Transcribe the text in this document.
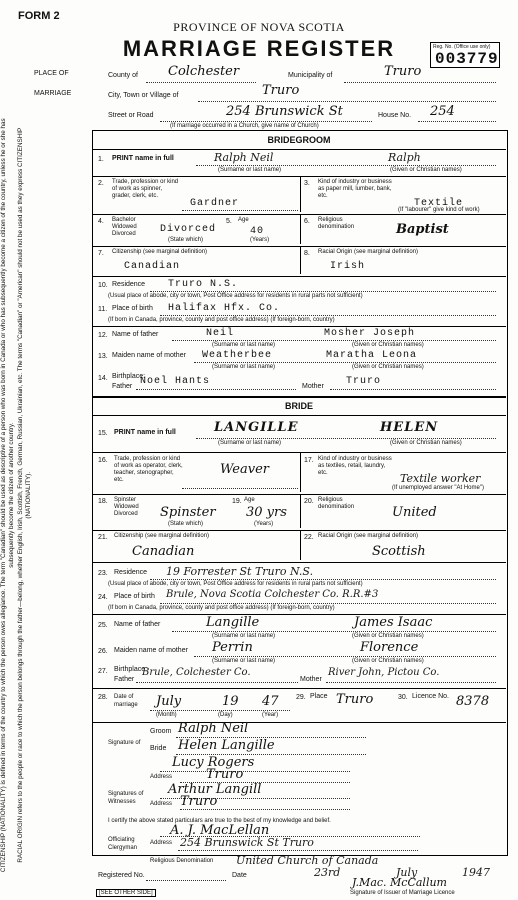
FORM 2
PROVINCE OF NOVA SCOTIA
MARRIAGE REGISTER	Reg. No. (Office use only)
003779

CITIZENSHIP (NATIONALITY) is defined in terms of the country to which the person owes allegiance. The term "Canadian" should be used as descriptive of a person who was born in Canada or who has subsequently become a citizen of the country, unless he or she has subsequently become the citizen of another country. RACIAL ORIGIN refers to the people or race to which the person belongs through the father—belong, whether English, Irish, Scottish, French, German, Russian, Ukrainian, etc. The terms "Canadian" or "American" should not be used as they express CITIZENSHIP (NATIONALITY).

PLACE OF
MARRIAGE
County of Colchester	Municipality of	Truro
City, Town or Village of	Truro
Street or Road	254 Brunswick St	House No. 254
(If marriage occurred in a Church, give name of Church)
BRIDEGROOM
1. PRINT name in full	Ralph Neil	Ralph
(Surname or last name)	(Given or Christian names)
2. Trade, profession or kind of work as spinner, grader, clerk, etc.
Gardner
3. Kind of industry or business as paper mill, lumber, bank, etc.
Textile
(If "labourer" give kind of work)
4. Bachelor Widowed Divorced	Divorced
(State which)
5. Age
40
(Years)
6. Religious denomination	Baptist
7. Citizenship (see marginal definition)
Canadian
8. Racial Origin (see marginal definition)
Irish
10. Residence Truro N.S.
(Usual place of abode, city or town, Post Office address for residents in rural parts not sufficient)
11. Place of birth Halifax Hfx. Co.
(If born in Canada, province, county and post office address) (If foreign-born, country)
12. Name of father	Neil	Mosher Joseph
(Surname or last name)	(Given or Christian names)
13. Maiden name of mother Weatherbee	Maratha Leona
(Surname or last name)	(Given or Christian names)
14. Birthplace:
Father Noel Hants	Mother Truro
BRIDE
15. PRINT name in full	LANGILLE	HELEN
(Surname or last name)	(Given or Christian names)
16. Trade, profession or kind of work as operator, clerk, teacher, stenographer, etc.
Weaver
17. Kind of industry or business as textiles, retail, laundry, etc.	Textile worker
(If unemployed answer "At Home")
18. Spinster Widowed Divorced	Spinster
(State which)
19. Age
30 yrs
(Years)
20. Religious denomination	United
21. Citizenship (see marginal definition)
Canadian
22. Racial Origin (see marginal definition)
Scottish
23. Residence 19 Forrester St Truro N.S.
(Usual place of abode, city or town, Post Office address for residents in rural parts not sufficient)
24. Place of birth Brule, Nova Scotia Colchester Co. R.R.#3
(If born in Canada, province, county and post office address) (If foreign-born, country)
25. Name of father	Langille	James Isaac
(Surname or last name)	(Given or Christian names)
26. Maiden name of mother Perrin	Florence
(Surname or last name)	(Given or Christian names)
27. Birthplace:
Father
Brule, Colchester Co.
Mother
River John, Pictou Co.
28. Date of marriage	July	19 47
(Month)	(Day)	(Year)
29. Place Truro	30. Licence No. 8378
Signature of
Groom Ralph Neil
Bride Helen Langille
Signatures of Witnesses
Lucy Rogers
Address	Truro
Arthur Langill
Address Truro
I certify the above stated particulars are true to the best of my knowledge and belief.
Officiating Clergyman
A. J. MacLellan
Address 254 Brunswick St Truro
Religious Denomination United Church of Canada
Registered No.	Date	23rd	July	1947
J.Mac. McCallum
Signature of Issuer of Marriage Licence
[SEE OTHER SIDE]
